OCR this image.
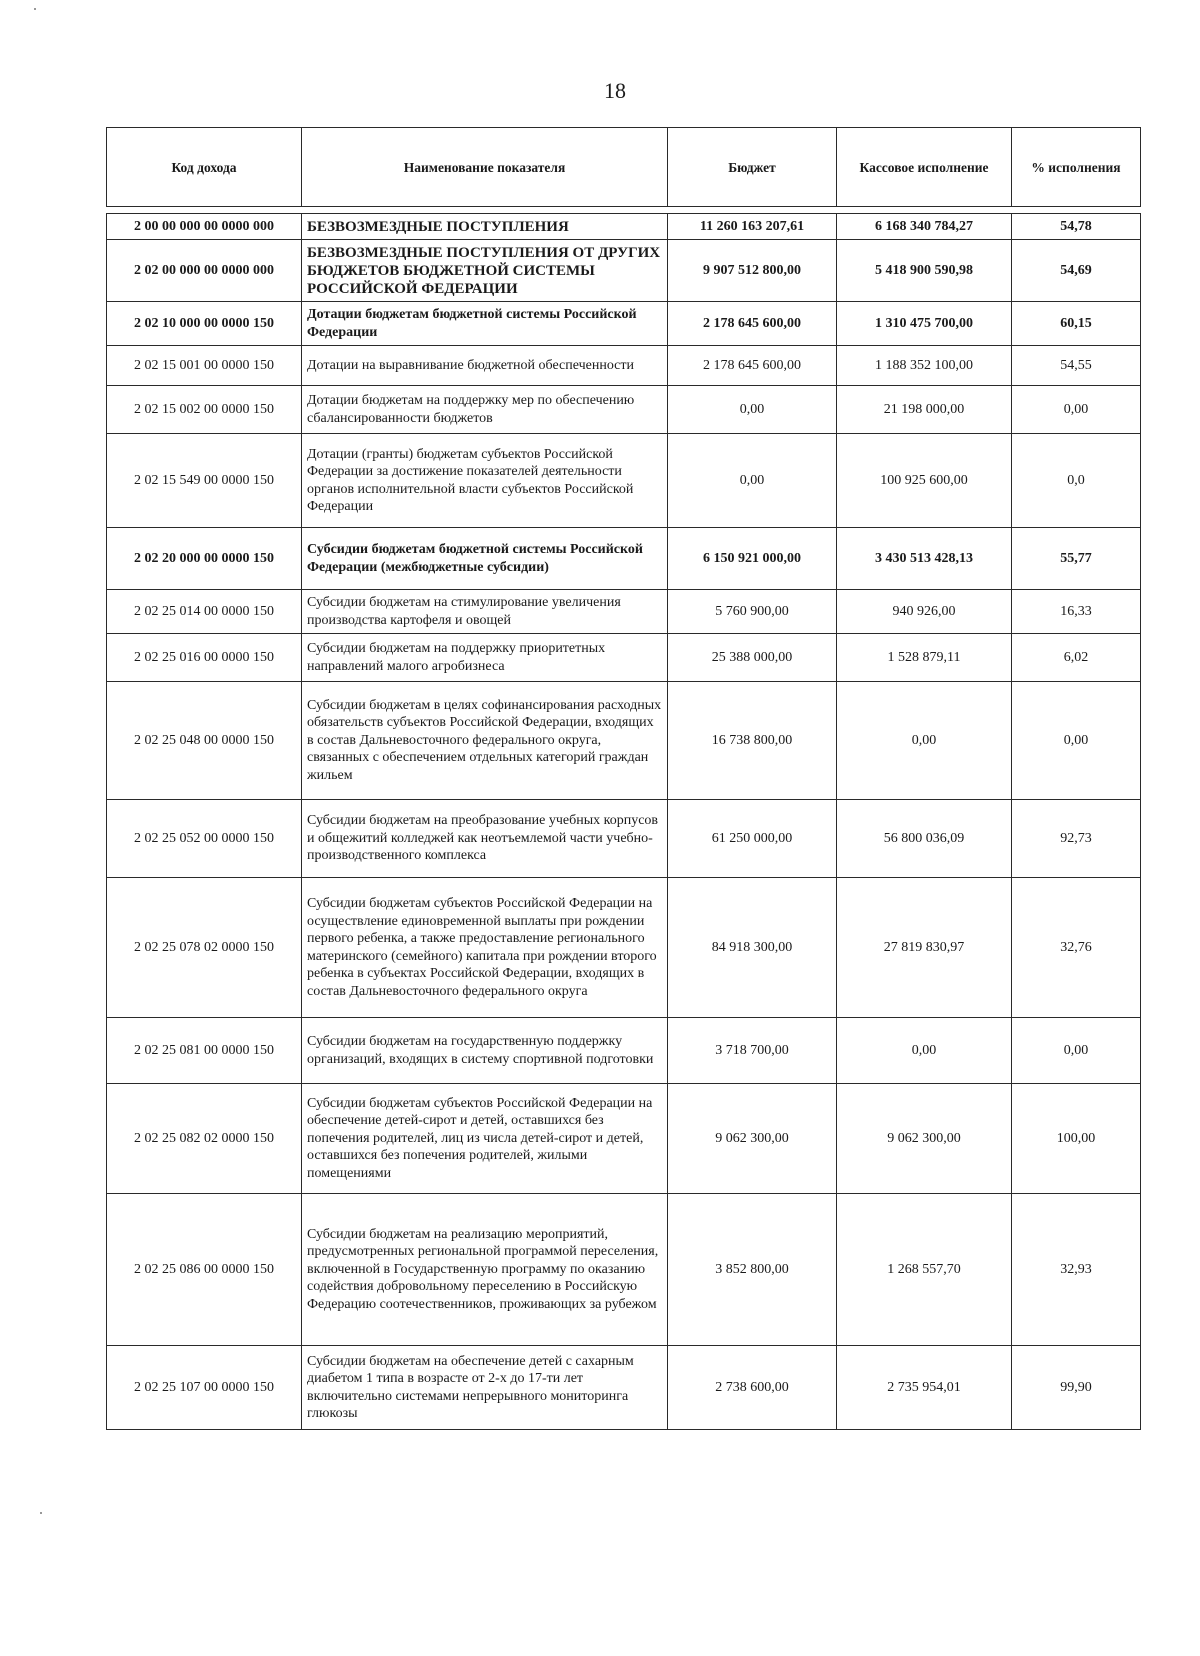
18
Код дохода	Наименование показателя	Бюджет	Кассовое исполнение	% исполнения

2 00 00 000 00 0000 000	БЕЗВОЗМЕЗДНЫЕ ПОСТУПЛЕНИЯ	11 260 163 207,61	6 168 340 784,27	54,78
2 02 00 000 00 0000 000	БЕЗВОЗМЕЗДНЫЕ ПОСТУПЛЕНИЯ ОТ ДРУГИХ БЮДЖЕТОВ БЮДЖЕТНОЙ СИСТЕМЫ РОССИЙСКОЙ ФЕДЕРАЦИИ	9 907 512 800,00	5 418 900 590,98	54,69
2 02 10 000 00 0000 150	Дотации бюджетам бюджетной системы Российской Федерации	2 178 645 600,00	1 310 475 700,00	60,15
2 02 15 001 00 0000 150	Дотации на выравнивание бюджетной обеспеченности	2 178 645 600,00	1 188 352 100,00	54,55
2 02 15 002 00 0000 150	Дотации бюджетам на поддержку мер по обеспечению сбалансированности бюджетов	0,00	21 198 000,00	0,00
2 02 15 549 00 0000 150	Дотации (гранты) бюджетам субъектов Российской Федерации за достижение показателей деятельности органов исполнительной власти субъектов Российской Федерации	0,00	100 925 600,00	0,0
2 02 20 000 00 0000 150	Субсидии бюджетам бюджетной системы Российской Федерации (межбюджетные субсидии)	6 150 921 000,00	3 430 513 428,13	55,77
2 02 25 014 00 0000 150	Субсидии бюджетам на стимулирование увеличения производства картофеля и овощей	5 760 900,00	940 926,00	16,33
2 02 25 016 00 0000 150	Субсидии бюджетам на поддержку приоритетных направлений малого агробизнеса	25 388 000,00	1 528 879,11	6,02
2 02 25 048 00 0000 150	Субсидии бюджетам в целях софинансирования расходных обязательств субъектов Российской Федерации, входящих в состав Дальневосточного федерального округа, связанных с обеспечением отдельных категорий граждан жильем	16 738 800,00	0,00	0,00
2 02 25 052 00 0000 150	Субсидии бюджетам на преобразование учебных корпусов и общежитий колледжей как неотъемлемой части учебно-производственного комплекса	61 250 000,00	56 800 036,09	92,73
2 02 25 078 02 0000 150	Субсидии бюджетам субъектов Российской Федерации на осуществление единовременной выплаты при рождении первого ребенка, а также предоставление регионального материнского (семейного) капитала при рождении второго ребенка в субъектах Российской Федерации, входящих в состав Дальневосточного федерального округа	84 918 300,00	27 819 830,97	32,76
2 02 25 081 00 0000 150	Субсидии бюджетам на государственную поддержку организаций, входящих в систему спортивной подготовки	3 718 700,00	0,00	0,00
2 02 25 082 02 0000 150	Субсидии бюджетам субъектов Российской Федерации на обеспечение детей-сирот и детей, оставшихся без попечения родителей, лиц из числа детей-сирот и детей, оставшихся без попечения родителей, жилыми помещениями	9 062 300,00	9 062 300,00	100,00
2 02 25 086 00 0000 150	Субсидии бюджетам на реализацию мероприятий, предусмотренных региональной программой переселения, включенной в Государственную программу по оказанию содействия добровольному переселению в Российскую Федерацию соотечественников, проживающих за рубежом	3 852 800,00	1 268 557,70	32,93
2 02 25 107 00 0000 150	Субсидии бюджетам на обеспечение детей с сахарным диабетом 1 типа в возрасте от 2-х до 17-ти лет включительно системами непрерывного мониторинга глюкозы	2 738 600,00	2 735 954,01	99,90
